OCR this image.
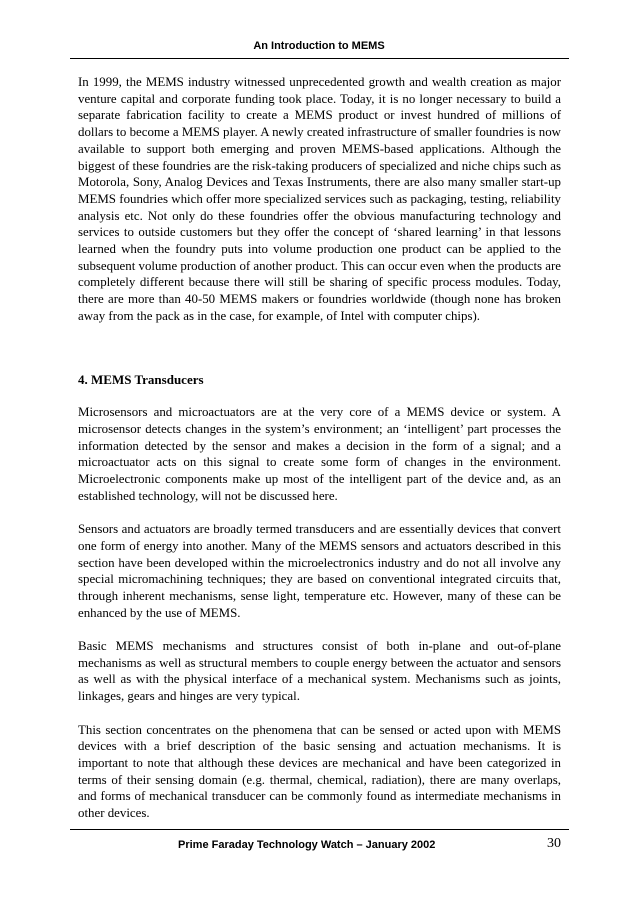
An Introduction to MEMS

In 1999, the MEMS industry witnessed unprecedented growth and wealth creation as major venture capital and corporate funding took place. Today, it is no longer necessary to build a separate fabrication facility to create a MEMS product or invest hundred of millions of dollars to become a MEMS player. A newly created infrastructure of smaller foundries is now available to support both emerging and proven MEMS-based applications. Although the biggest of these foundries are the risk-taking producers of specialized and niche chips such as Motorola, Sony, Analog Devices and Texas Instruments, there are also many smaller start-up MEMS foundries which offer more specialized services such as packaging, testing, reliability analysis etc. Not only do these foundries offer the obvious manufacturing technology and services to outside customers but they offer the concept of ‘shared learning’ in that lessons learned when the foundry puts into volume production one product can be applied to the subsequent volume production of another product. This can occur even when the products are completely different because there will still be sharing of specific process modules. Today, there are more than 40-50 MEMS makers or foundries worldwide (though none has broken away from the pack as in the case, for example, of Intel with computer chips).

4. MEMS Transducers

Microsensors and microactuators are at the very core of a MEMS device or system. A microsensor detects changes in the system’s environment; an ‘intelligent’ part processes the information detected by the sensor and makes a decision in the form of a signal; and a microactuator acts on this signal to create some form of changes in the environment. Microelectronic components make up most of the intelligent part of the device and, as an established technology, will not be discussed here.

Sensors and actuators are broadly termed transducers and are essentially devices that convert one form of energy into another. Many of the MEMS sensors and actuators described in this section have been developed within the microelectronics industry and do not all involve any special micromachining techniques; they are based on conventional integrated circuits that, through inherent mechanisms, sense light, temperature etc. However, many of these can be enhanced by the use of MEMS.

Basic MEMS mechanisms and structures consist of both in-plane and out-of-plane mechanisms as well as structural members to couple energy between the actuator and sensors as well as with the physical interface of a mechanical system. Mechanisms such as joints, linkages, gears and hinges are very typical.

This section concentrates on the phenomena that can be sensed or acted upon with MEMS devices with a brief description of the basic sensing and actuation mechanisms. It is important to note that although these devices are mechanical and have been categorized in terms of their sensing domain (e.g. thermal, chemical, radiation), there are many overlaps, and forms of mechanical transducer can be commonly found as intermediate mechanisms in other devices.

Prime Faraday Technology Watch – January 2002	30
